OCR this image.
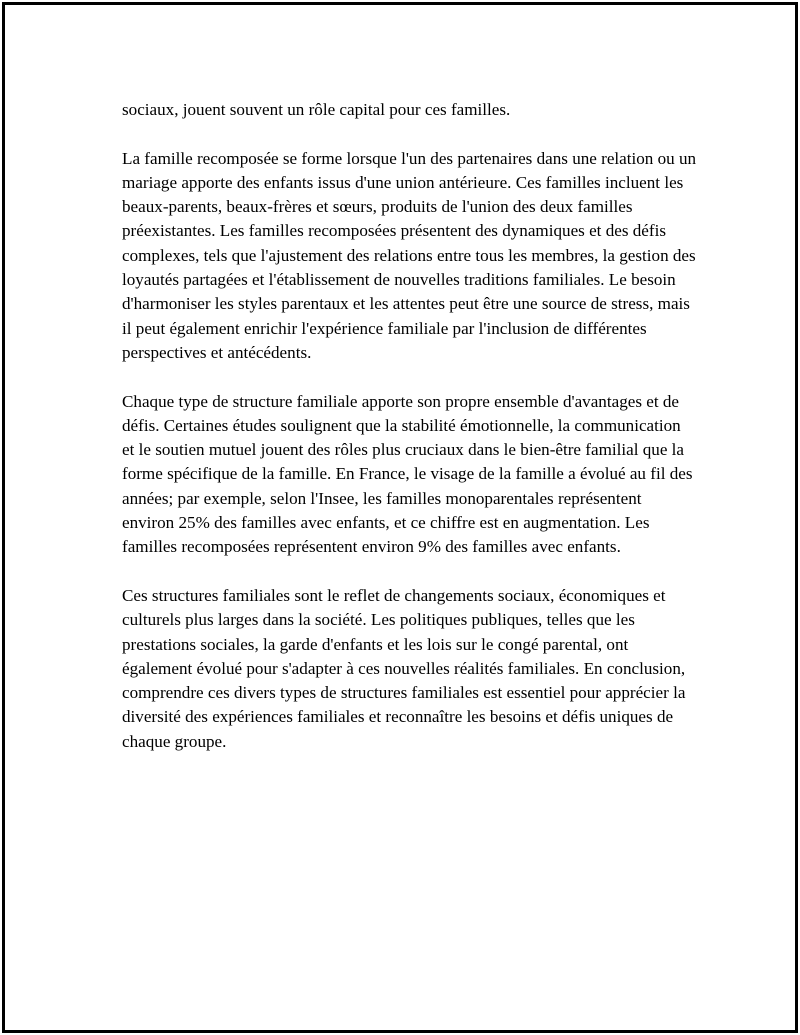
sociaux, jouent souvent un rôle capital pour ces familles.

La famille recomposée se forme lorsque l'un des partenaires dans une relation ou un mariage apporte des enfants issus d'une union antérieure. Ces familles incluent les beaux-parents, beaux-frères et sœurs, produits de l'union des deux familles préexistantes. Les familles recomposées présentent des dynamiques et des défis complexes, tels que l'ajustement des relations entre tous les membres, la gestion des loyautés partagées et l'établissement de nouvelles traditions familiales. Le besoin d'harmoniser les styles parentaux et les attentes peut être une source de stress, mais il peut également enrichir l'expérience familiale par l'inclusion de différentes perspectives et antécédents.

Chaque type de structure familiale apporte son propre ensemble d'avantages et de défis. Certaines études soulignent que la stabilité émotionnelle, la communication et le soutien mutuel jouent des rôles plus cruciaux dans le bien-être familial que la forme spécifique de la famille. En France, le visage de la famille a évolué au fil des années; par exemple, selon l'Insee, les familles monoparentales représentent environ 25% des familles avec enfants, et ce chiffre est en augmentation. Les familles recomposées représentent environ 9% des familles avec enfants.

Ces structures familiales sont le reflet de changements sociaux, économiques et culturels plus larges dans la société. Les politiques publiques, telles que les prestations sociales, la garde d'enfants et les lois sur le congé parental, ont également évolué pour s'adapter à ces nouvelles réalités familiales. En conclusion, comprendre ces divers types de structures familiales est essentiel pour apprécier la diversité des expériences familiales et reconnaître les besoins et défis uniques de chaque groupe.
